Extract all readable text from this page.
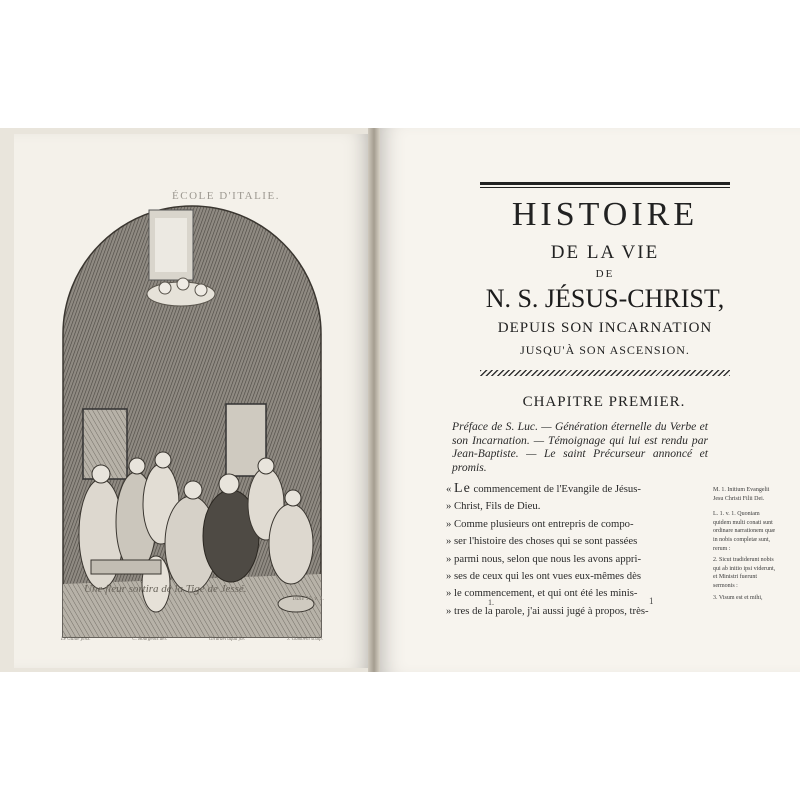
ÉCOLE D'ITALIE.
Le Guide pinx.	C. Bourgeois del.	Girardet aqua for.	J. Gambeni sculp.
Une fleur sortira de la Tige de Jessé.
Isaïe 11. v. 1.
HISTOIRE
DE LA VIE
DE
N. S. JÉSUS-CHRIST,
DEPUIS SON INCARNATION
JUSQU'À SON ASCENSION.
CHAPITRE PREMIER.
Préface de S. Luc. — Génération éternelle du Verbe et son Incarnation. — Témoignage qui lui est rendu par Jean-Baptiste. — Le saint Précurseur annoncé et promis.
« Le commencement de l'Evangile de Jésus-
» Christ, Fils de Dieu.
» Comme plusieurs ont entrepris de compo-
» ser l'histoire des choses qui se sont passées
» parmi nous, selon que nous les avons appri-
» ses de ceux qui les ont vues eux-mêmes dès
» le commencement, et qui ont été les minis-
» tres de la parole, j'ai aussi jugé à propos, très-
M. 1. Initium Evangelii Jesu Christi Filii Dei.
L. 1. v. 1. Quoniam quidem multi conati sunt ordinare narrationem quæ in nobis completæ sunt, rerum :
2. Sicut tradiderunt nobis qui ab initio ipsi viderunt, et Ministri fuerunt sermonis :
3. Visum est et mihi,
1.	1
